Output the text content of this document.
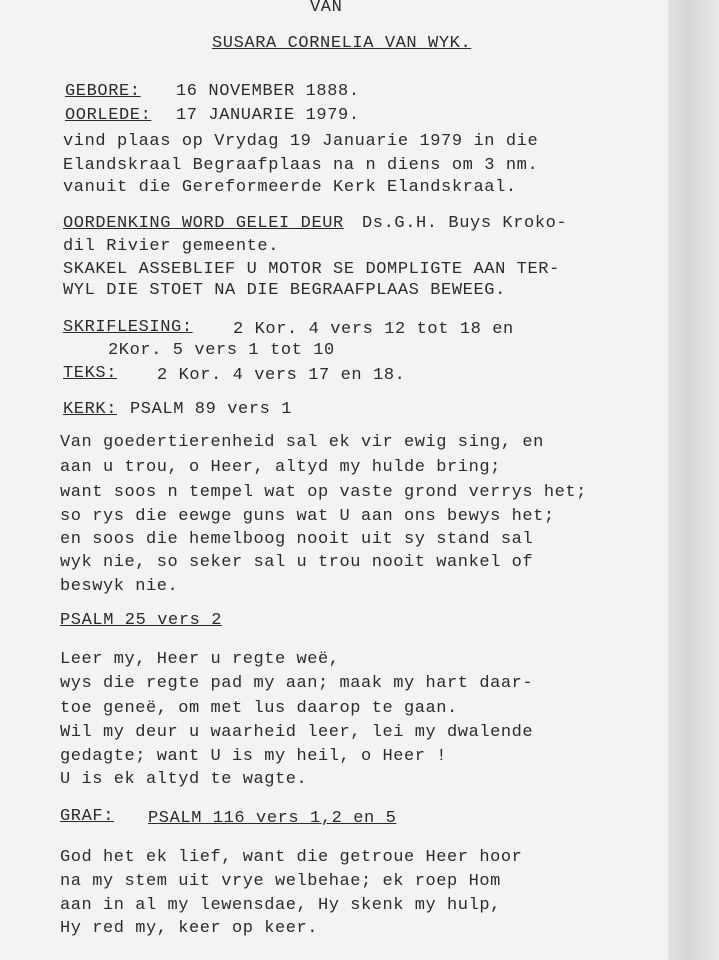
VAN
SUSARA CORNELIA VAN WYK.
GEBORE: 16 NOVEMBER 1888.
OORLEDE: 17 JANUARIE 1979.
vind plaas op Vrydag 19 Januarie 1979 in die
Elandskraal Begraafplaas na n diens om 3 nm.
vanuit die Gereformeerde Kerk Elandskraal.
OORDENKING WORD GELEI DEUR Ds.G.H. Buys Kroko-
dil Rivier gemeente.
SKAKEL ASSEBLIEF U MOTOR SE DOMPLIGTE AAN TER-
WYL DIE STOET NA DIE BEGRAAFPLAAS BEWEEG.
SKRIFLESING: 2 Kor. 4 vers 12 tot 18 en
2Kor. 5 vers 1 tot 10
TEKS: 2 Kor. 4 vers 17 en 18.
KERK: PSALM 89 vers 1
Van goedertierenheid sal ek vir ewig sing, en
aan u trou, o Heer, altyd my hulde bring;
want soos n tempel wat op vaste grond verrys het;
so rys die eewge guns wat U aan ons bewys het;
en soos die hemelboog nooit uit sy stand sal
wyk nie, so seker sal u trou nooit wankel of
beswyk nie.
PSALM 25 vers 2
Leer my, Heer u regte weë,
wys die regte pad my aan; maak my hart daar-
toe geneë, om met lus daarop te gaan.
Wil my deur u waarheid leer, lei my dwalende
gedagte; want U is my heil, o Heer !
U is ek altyd te wagte.
GRAF: PSALM 116 vers 1,2 en 5
God het ek lief, want die getroue Heer hoor
na my stem uit vrye welbehae; ek roep Hom
aan in al my lewensdae, Hy skenk my hulp,
Hy red my, keer op keer.
